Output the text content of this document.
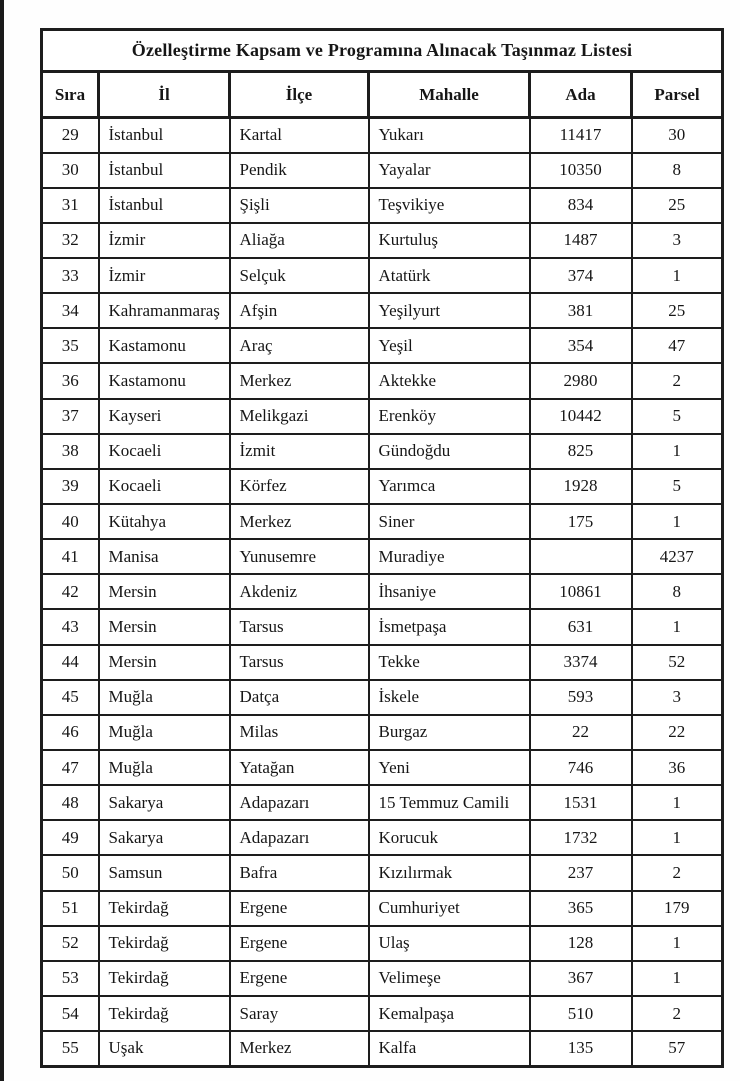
Özelleştirme Kapsam ve Programına Alınacak Taşınmaz Listesi					
Sıra	İl	İlçe	Mahalle	Ada	Parsel
29	İstanbul	Kartal	Yukarı	11417	30
30	İstanbul	Pendik	Yayalar	10350	8
31	İstanbul	Şişli	Teşvikiye	834	25
32	İzmir	Aliağa	Kurtuluş	1487	3
33	İzmir	Selçuk	Atatürk	374	1
34	Kahramanmaraş	Afşin	Yeşilyurt	381	25
35	Kastamonu	Araç	Yeşil	354	47
36	Kastamonu	Merkez	Aktekke	2980	2
37	Kayseri	Melikgazi	Erenköy	10442	5
38	Kocaeli	İzmit	Gündoğdu	825	1
39	Kocaeli	Körfez	Yarımca	1928	5
40	Kütahya	Merkez	Siner	175	1
41	Manisa	Yunusemre	Muradiye		4237
42	Mersin	Akdeniz	İhsaniye	10861	8
43	Mersin	Tarsus	İsmetpaşa	631	1
44	Mersin	Tarsus	Tekke	3374	52
45	Muğla	Datça	İskele	593	3
46	Muğla	Milas	Burgaz	22	22
47	Muğla	Yatağan	Yeni	746	36
48	Sakarya	Adapazarı	15 Temmuz Camili	1531	1
49	Sakarya	Adapazarı	Korucuk	1732	1
50	Samsun	Bafra	Kızılırmak	237	2
51	Tekirdağ	Ergene	Cumhuriyet	365	179
52	Tekirdağ	Ergene	Ulaş	128	1
53	Tekirdağ	Ergene	Velimeşe	367	1
54	Tekirdağ	Saray	Kemalpaşa	510	2
55	Uşak	Merkez	Kalfa	135	57
